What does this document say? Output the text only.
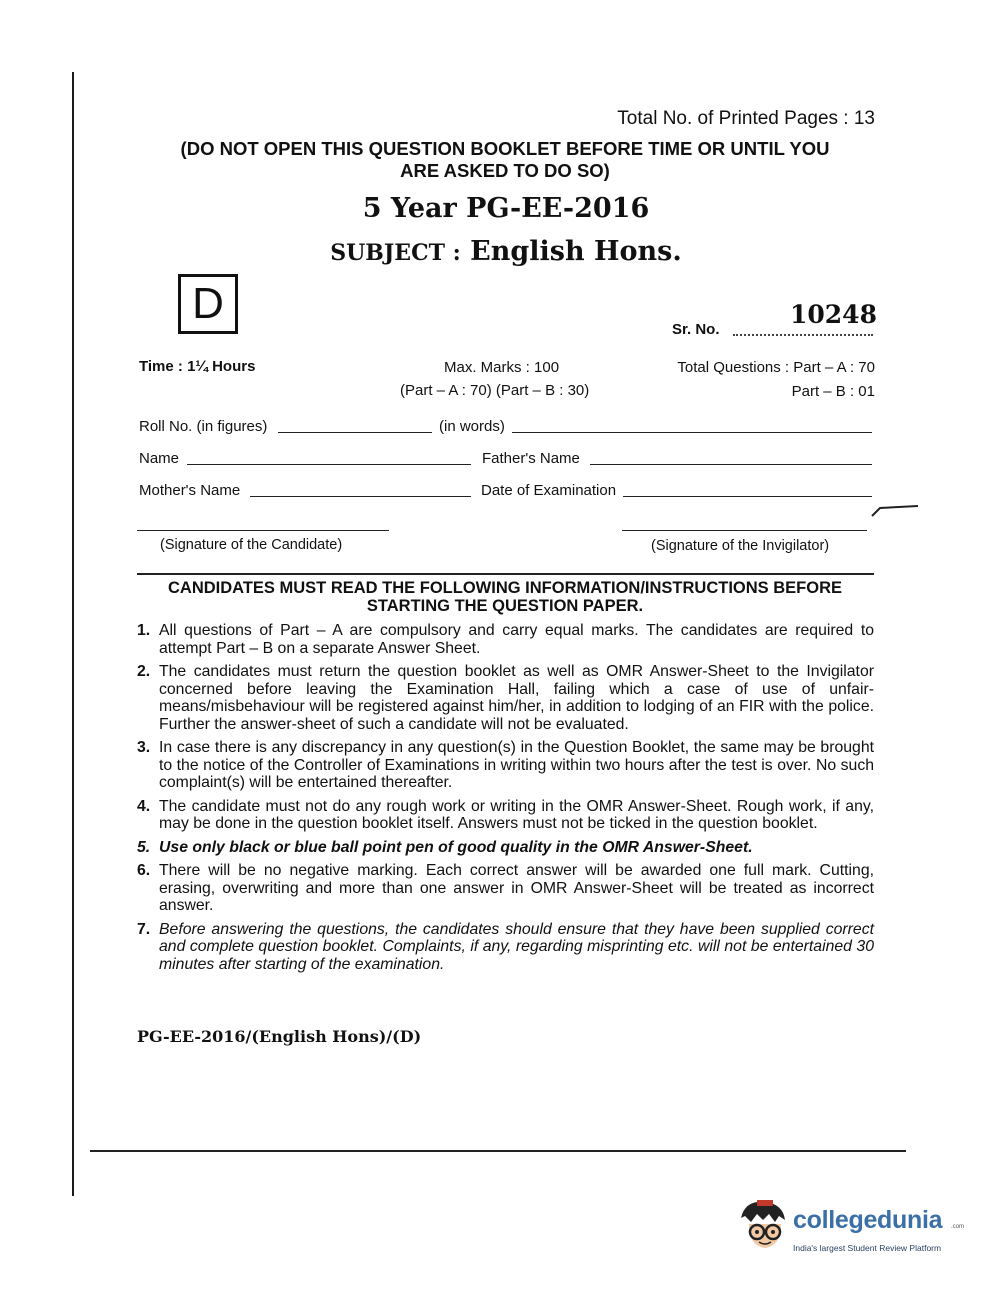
Total No. of Printed Pages : 13
(DO NOT OPEN THIS QUESTION BOOKLET BEFORE TIME OR UNTIL YOU
ARE ASKED TO DO SO)
5 Year PG-EE-2016
SUBJECT : English Hons.
D	10248
Sr. No.
Time : 1¼ Hours	Max. Marks : 100
(Part – A : 70) (Part – B : 30)
Total Questions : Part – A : 70
Part – B : 01
Roll No. (in figures)	(in words)
Name	Father's Name
Mother's Name	Date of Examination
(Signature of the Candidate)	(Signature of the Invigilator)
CANDIDATES MUST READ THE FOLLOWING INFORMATION/INSTRUCTIONS BEFORE
STARTING THE QUESTION PAPER.
1. All questions of Part – A are compulsory and carry equal marks. The candidates are required to attempt Part – B on a separate Answer Sheet.
2. The candidates must return the question booklet as well as OMR Answer-Sheet to the Invigilator concerned before leaving the Examination Hall, failing which a case of use of unfair-means/misbehaviour will be registered against him/her, in addition to lodging of an FIR with the police. Further the answer-sheet of such a candidate will not be evaluated.
3. In case there is any discrepancy in any question(s) in the Question Booklet, the same may be brought to the notice of the Controller of Examinations in writing within two hours after the test is over. No such complaint(s) will be entertained thereafter.
4. The candidate must not do any rough work or writing in the OMR Answer-Sheet. Rough work, if any, may be done in the question booklet itself. Answers must not be ticked in the question booklet.
5. Use only black or blue ball point pen of good quality in the OMR Answer-Sheet.
6. There will be no negative marking. Each correct answer will be awarded one full mark. Cutting, erasing, overwriting and more than one answer in OMR Answer-Sheet will be treated as incorrect answer.
7. Before answering the questions, the candidates should ensure that they have been supplied correct and complete question booklet. Complaints, if any, regarding misprinting etc. will not be entertained 30 minutes after starting of the examination.
PG-EE-2016/(English Hons)/(D)
collegedunia .com
India's largest Student Review Platform
